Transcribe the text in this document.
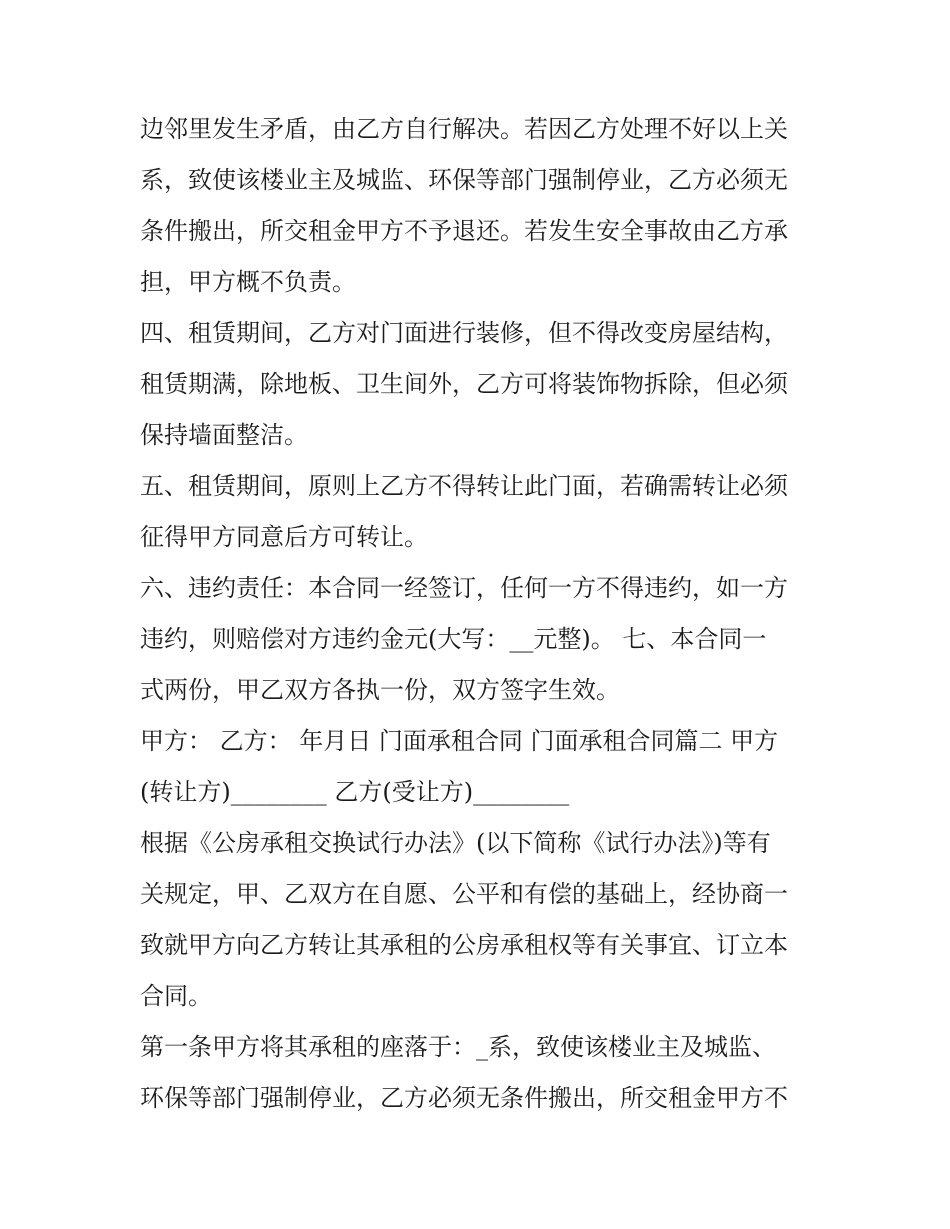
边邻里发生矛盾，由乙方自行解决。若因乙方处理不好以上关
系，致使该楼业主及城监、环保等部门强制停业，乙方必须无
条件搬出，所交租金甲方不予退还。若发生安全事故由乙方承
担，甲方概不负责。
四、租赁期间，乙方对门面进行装修，但不得改变房屋结构，
租赁期满，除地板、卫生间外，乙方可将装饰物拆除，但必须
保持墙面整洁。
五、租赁期间，原则上乙方不得转让此门面，若确需转让必须
征得甲方同意后方可转让。
六、违约责任：本合同一经签订，任何一方不得违约，如一方
违约，则赔偿对方违约金元(大写：__元整)。 七、本合同一
式两份，甲乙双方各执一份，双方签字生效。
甲方： 乙方： 年月日 门面承租合同 门面承租合同篇二 甲方
(转让方)________ 乙方(受让方)________
根据《公房承租交换试行办法》(以下简称《试行办法》)等有
关规定，甲、乙双方在自愿、公平和有偿的基础上，经协商一
致就甲方向乙方转让其承租的公房承租权等有关事宜、订立本
合同。
第一条甲方将其承租的座落于：_系，致使该楼业主及城监、
环保等部门强制停业，乙方必须无条件搬出，所交租金甲方不
